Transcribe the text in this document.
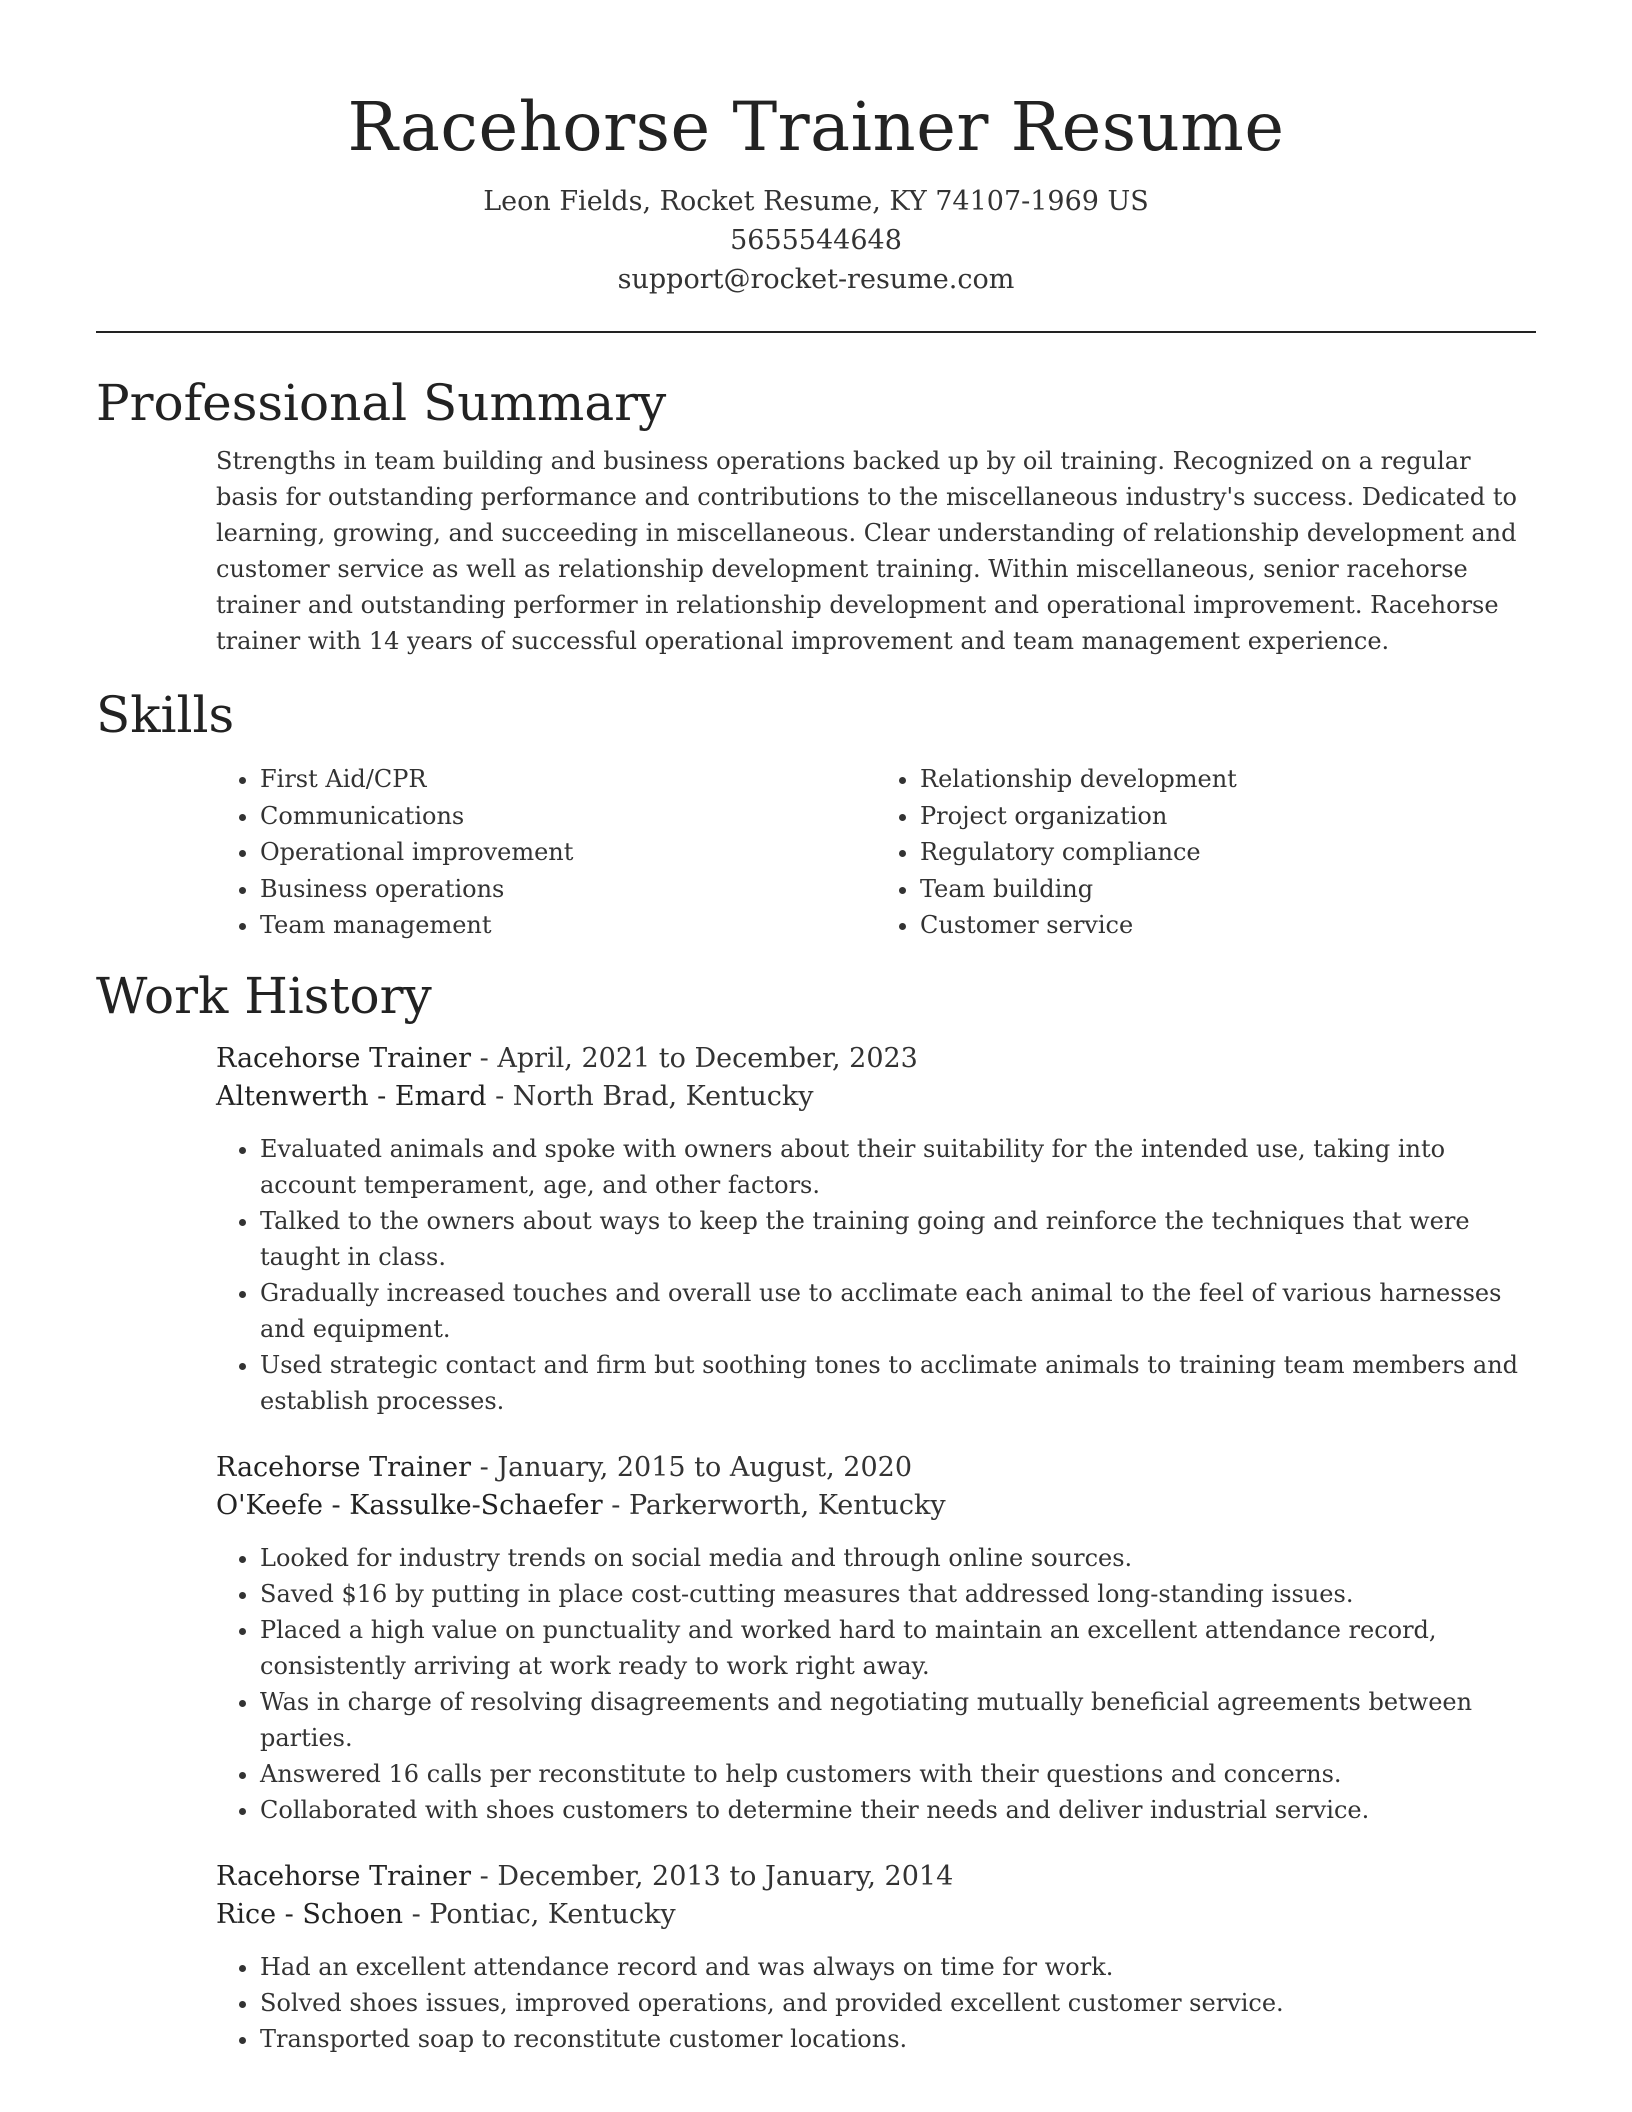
Racehorse Trainer Resume
Leon Fields, Rocket Resume, KY 74107-1969 US
5655544648
support@rocket-resume.com
Professional Summary

Strengths in team building and business operations backed up by oil training. Recognized on a regular basis for outstanding performance and contributions to the miscellaneous industry's success. Dedicated to learning, growing, and succeeding in miscellaneous. Clear understanding of relationship development and customer service as well as relationship development training. Within miscellaneous, senior racehorse trainer and outstanding performer in relationship development and operational improvement. Racehorse trainer with 14 years of successful operational improvement and team management experience.

Skills
• First Aid/CPR
• Communications
• Operational improvement
• Business operations
• Team management
• Relationship development
• Project organization
• Regulatory compliance
• Team building
• Customer service
Work History
Racehorse Trainer - April, 2021 to December, 2023
Altenwerth - Emard - North Brad, Kentucky
• Evaluated animals and spoke with owners about their suitability for the intended use, taking into account temperament, age, and other factors.
• Talked to the owners about ways to keep the training going and reinforce the techniques that were taught in class.
• Gradually increased touches and overall use to acclimate each animal to the feel of various harnesses and equipment.
• Used strategic contact and firm but soothing tones to acclimate animals to training team members and establish processes.
Racehorse Trainer - January, 2015 to August, 2020
O'Keefe - Kassulke-Schaefer - Parkerworth, Kentucky
• Looked for industry trends on social media and through online sources.
• Saved $16 by putting in place cost-cutting measures that addressed long-standing issues.
• Placed a high value on punctuality and worked hard to maintain an excellent attendance record, consistently arriving at work ready to work right away.
• Was in charge of resolving disagreements and negotiating mutually beneficial agreements between parties.
• Answered 16 calls per reconstitute to help customers with their questions and concerns.
• Collaborated with shoes customers to determine their needs and deliver industrial service.
Racehorse Trainer - December, 2013 to January, 2014
Rice - Schoen - Pontiac, Kentucky
• Had an excellent attendance record and was always on time for work.
• Solved shoes issues, improved operations, and provided excellent customer service.
• Transported soap to reconstitute customer locations.
